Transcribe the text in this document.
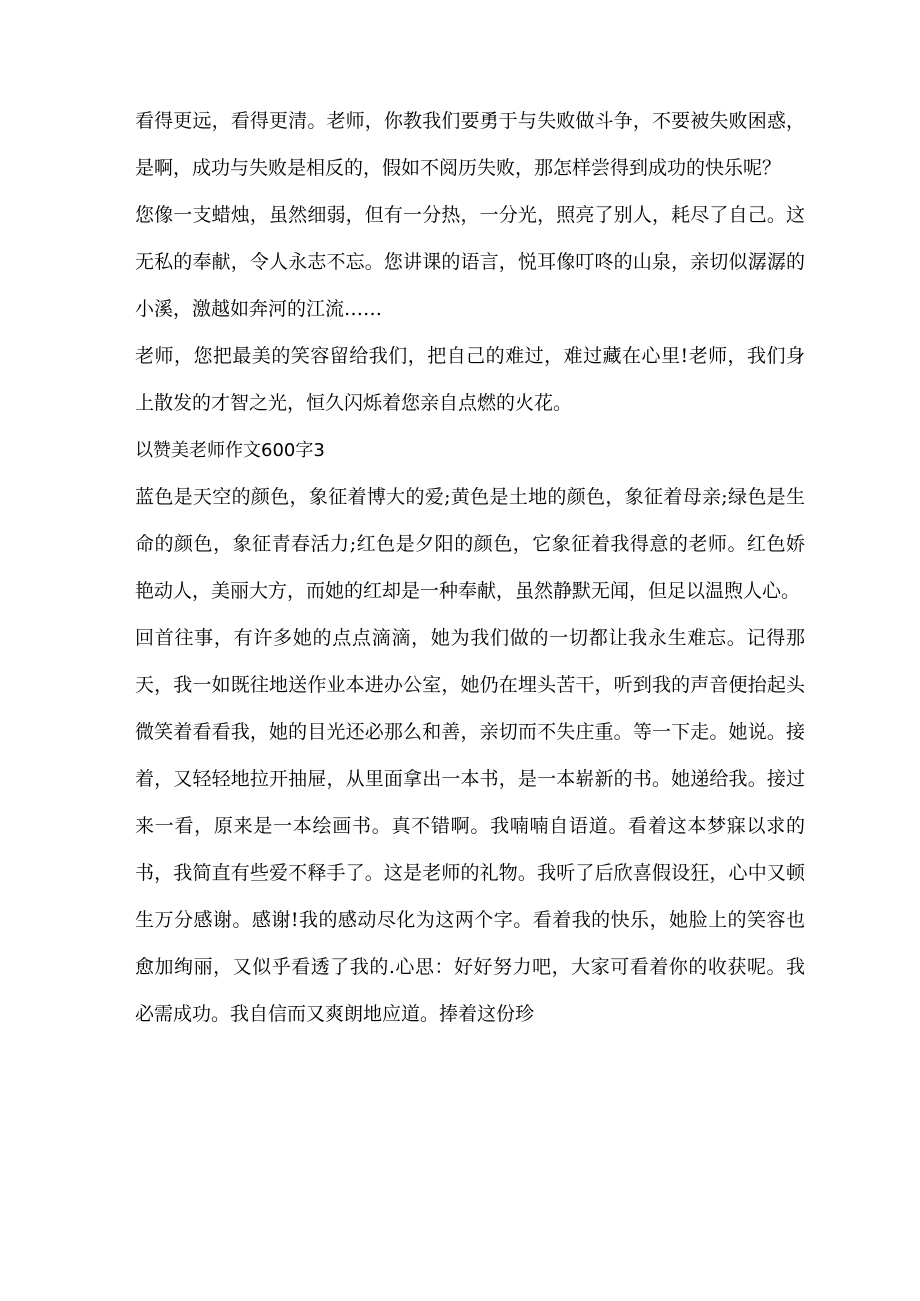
看得更远，看得更清。老师，你教我们要勇于与失败做斗争，不要被失败困惑，是啊，成功与失败是相反的，假如不阅历失败，那怎样尝得到成功的快乐呢？

您像一支蜡烛，虽然细弱，但有一分热，一分光，照亮了别人，耗尽了自己。这无私的奉献，令人永志不忘。您讲课的语言，悦耳像叮咚的山泉，亲切似潺潺的小溪，激越如奔河的江流……

老师，您把最美的笑容留给我们，把自己的难过，难过藏在心里!老师，我们身上散发的才智之光，恒久闪烁着您亲自点燃的火花。

以赞美老师作文600字3

蓝色是天空的颜色，象征着博大的爱;黄色是土地的颜色，象征着母亲;绿色是生命的颜色，象征青春活力;红色是夕阳的颜色，它象征着我得意的老师。红色娇艳动人，美丽大方，而她的红却是一种奉献，虽然静默无闻，但足以温煦人心。

回首往事，有许多她的点点滴滴，她为我们做的一切都让我永生难忘。记得那天，我一如既往地送作业本进办公室，她仍在埋头苦干，听到我的声音便抬起头微笑着看看我，她的目光还必那么和善，亲切而不失庄重。等一下走。她说。接着，又轻轻地拉开抽屉，从里面拿出一本书，是一本崭新的书。她递给我。接过来一看，原来是一本绘画书。真不错啊。我喃喃自语道。看着这本梦寐以求的书，我简直有些爱不释手了。这是老师的礼物。我听了后欣喜假设狂，心中又顿生万分感谢。感谢!我的感动尽化为这两个字。看着我的快乐，她脸上的笑容也愈加绚丽，又似乎看透了我的.心思：好好努力吧，大家可看着你的收获呢。我必需成功。我自信而又爽朗地应道。捧着这份珍
